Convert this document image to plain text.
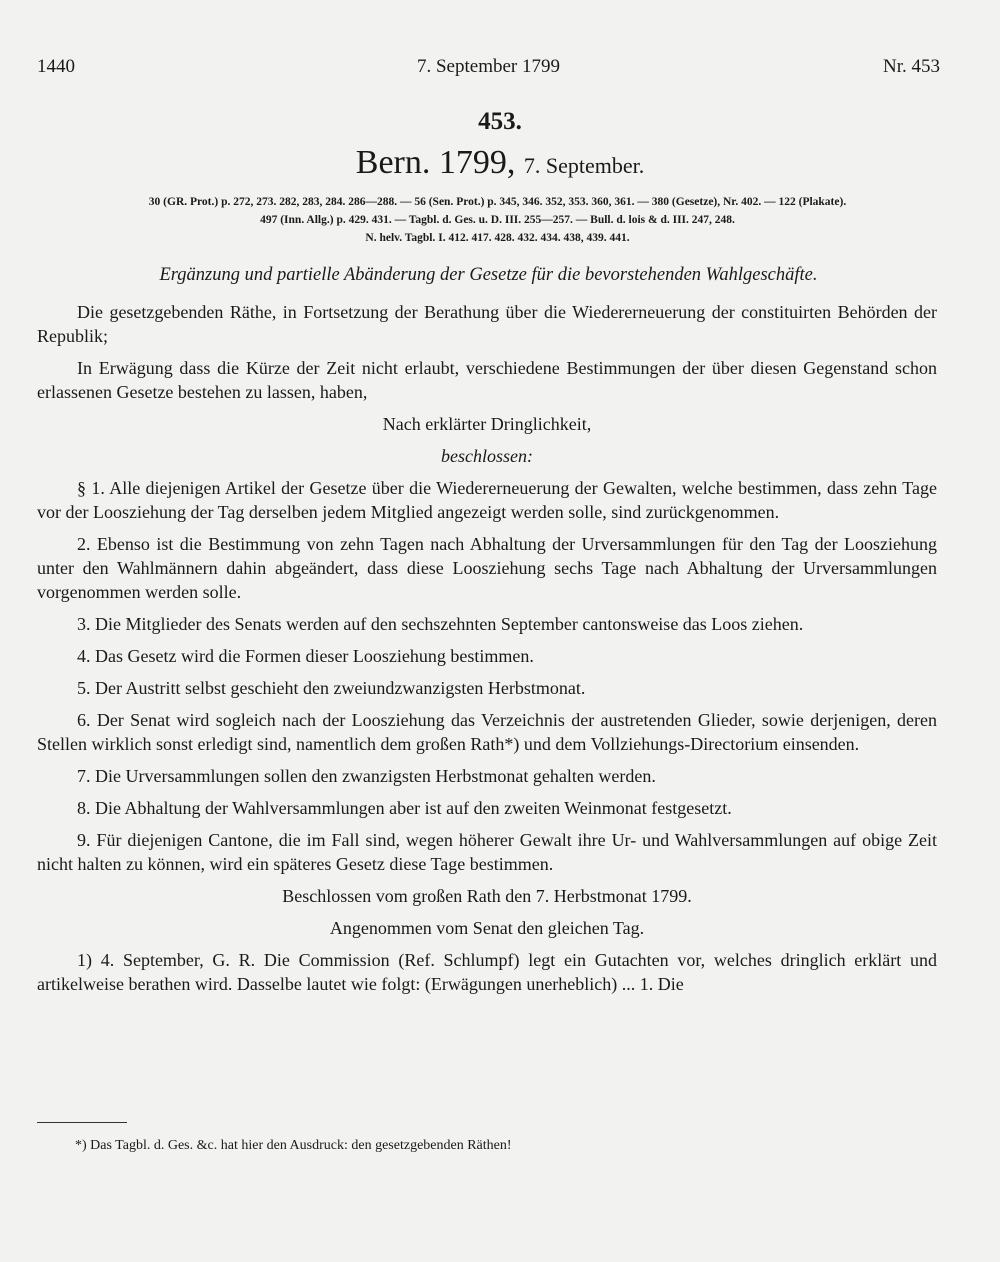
1440	7. September 1799	Nr. 453
453.
Bern. 1799, 7. September.
30 (GR. Prot.) p. 272, 273. 282, 283, 284. 286—288. — 56 (Sen. Prot.) p. 345, 346. 352, 353. 360, 361. — 380 (Gesetze), Nr. 402. — 122 (Plakate).
497 (Inn. Allg.) p. 429. 431. — Tagbl. d. Ges. u. D. III. 255—257. — Bull. d. lois & d. III. 247, 248.
N. helv. Tagbl. I. 412. 417. 428. 432. 434. 438, 439. 441.
Ergänzung und partielle Abänderung der Gesetze für die bevorstehenden Wahlgeschäfte.

Die gesetzgebenden Räthe, in Fortsetzung der Berathung über die Wiedererneuerung der constituirten Behörden der Republik;

In Erwägung dass die Kürze der Zeit nicht erlaubt, verschiedene Bestimmungen der über diesen Gegenstand schon erlassenen Gesetze bestehen zu lassen, haben,

Nach erklärter Dringlichkeit,

beschlossen:

§ 1. Alle diejenigen Artikel der Gesetze über die Wiedererneuerung der Gewalten, welche bestimmen, dass zehn Tage vor der Loosziehung der Tag derselben jedem Mitglied angezeigt werden solle, sind zurückgenommen.

2. Ebenso ist die Bestimmung von zehn Tagen nach Abhaltung der Urversammlungen für den Tag der Loosziehung unter den Wahlmännern dahin abgeändert, dass diese Loosziehung sechs Tage nach Abhaltung der Urversammlungen vorgenommen werden solle.

3. Die Mitglieder des Senats werden auf den sechszehnten September cantonsweise das Loos ziehen.

4. Das Gesetz wird die Formen dieser Loosziehung bestimmen.

5. Der Austritt selbst geschieht den zweiundzwanzigsten Herbstmonat.

6. Der Senat wird sogleich nach der Loosziehung das Verzeichnis der austretenden Glieder, sowie derjenigen, deren Stellen wirklich sonst erledigt sind, namentlich dem großen Rath*) und dem Vollziehungs-Directorium einsenden.

7. Die Urversammlungen sollen den zwanzigsten Herbstmonat gehalten werden.

8. Die Abhaltung der Wahlversammlungen aber ist auf den zweiten Weinmonat festgesetzt.

9. Für diejenigen Cantone, die im Fall sind, wegen höherer Gewalt ihre Ur- und Wahlversammlungen auf obige Zeit nicht halten zu können, wird ein späteres Gesetz diese Tage bestimmen.

Beschlossen vom großen Rath den 7. Herbstmonat 1799.

Angenommen vom Senat den gleichen Tag.

1) 4. September, G. R. Die Commission (Ref. Schlumpf) legt ein Gutachten vor, welches dringlich erklärt und artikelweise berathen wird. Dasselbe lautet wie folgt: (Erwägungen unerheblich) ... 1. Die

*) Das Tagbl. d. Ges. &c. hat hier den Ausdruck: den gesetzgebenden Räthen!
